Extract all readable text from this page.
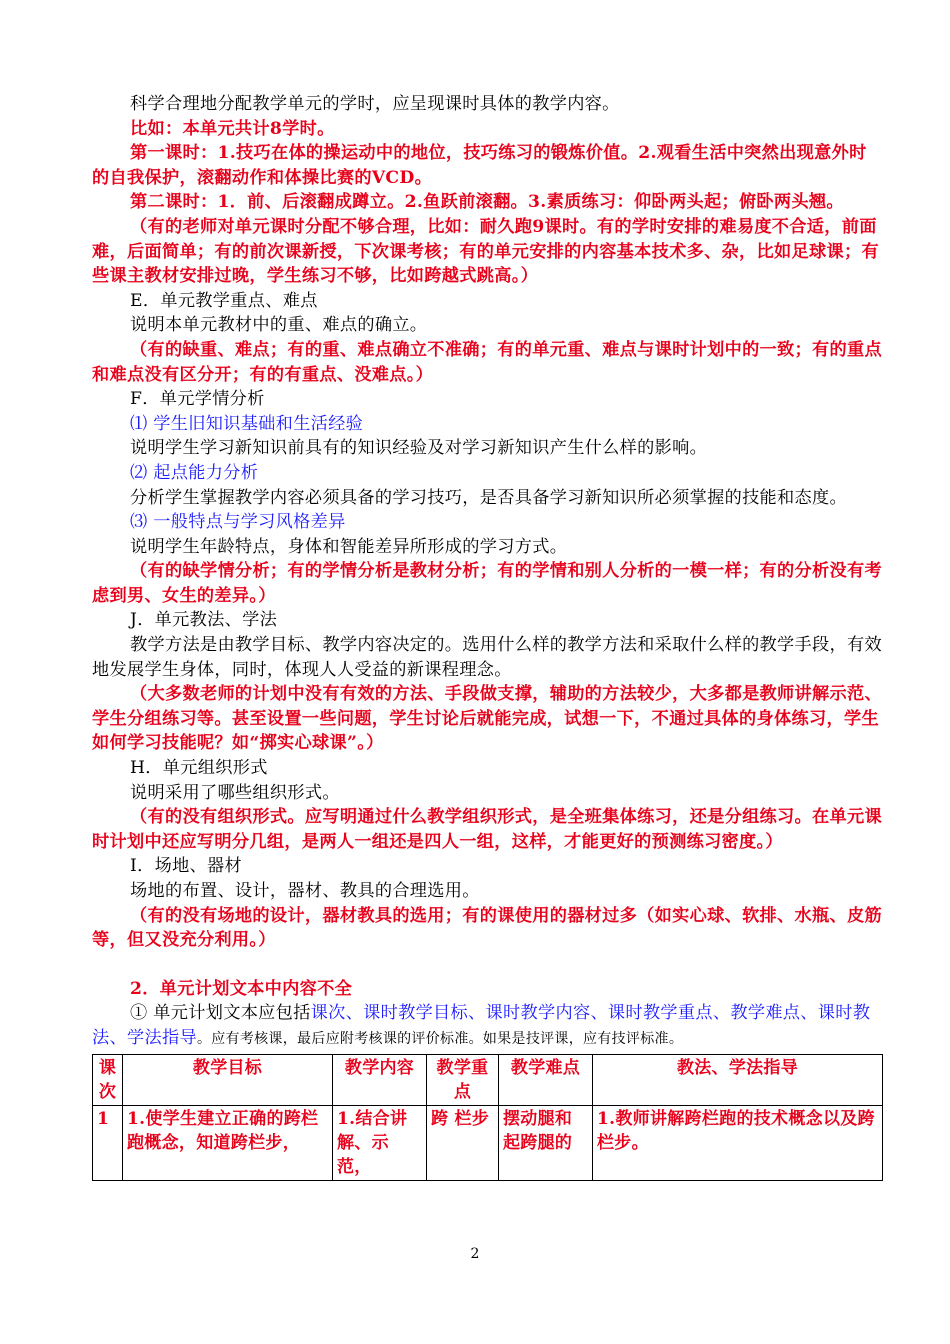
科学合理地分配教学单元的学时，应呈现课时具体的教学内容。

比如：本单元共计8学时。

第一课时：1.技巧在体的操运动中的地位，技巧练习的锻炼价值。2.观看生活中突然出现意外时的自我保护，滚翻动作和体操比赛的VCD。

第二课时：1．前、后滚翻成蹲立。2.鱼跃前滚翻。3.素质练习：仰卧两头起；俯卧两头翘。

（有的老师对单元课时分配不够合理，比如：耐久跑9课时。有的学时安排的难易度不合适，前面难，后面简单；有的前次课新授，下次课考核；有的单元安排的内容基本技术多、杂，比如足球课；有些课主教材安排过晚，学生练习不够，比如跨越式跳高。）

E．单元教学重点、难点

说明本单元教材中的重、难点的确立。

（有的缺重、难点；有的重、难点确立不准确；有的单元重、难点与课时计划中的一致；有的重点和难点没有区分开；有的有重点、没难点。）

F．单元学情分析

⑴ 学生旧知识基础和生活经验

说明学生学习新知识前具有的知识经验及对学习新知识产生什么样的影响。

⑵ 起点能力分析

分析学生掌握教学内容必须具备的学习技巧，是否具备学习新知识所必须掌握的技能和态度。

⑶ 一般特点与学习风格差异

说明学生年龄特点，身体和智能差异所形成的学习方式。

（有的缺学情分析；有的学情分析是教材分析；有的学情和别人分析的一模一样；有的分析没有考虑到男、女生的差异。）

J．单元教法、学法

教学方法是由教学目标、教学内容决定的。选用什么样的教学方法和采取什么样的教学手段，有效地发展学生身体，同时，体现人人受益的新课程理念。

（大多数老师的计划中没有有效的方法、手段做支撑，辅助的方法较少，大多都是教师讲解示范、学生分组练习等。甚至设置一些问题，学生讨论后就能完成，试想一下，不通过具体的身体练习，学生如何学习技能呢？如“掷实心球课”。）

H．单元组织形式

说明采用了哪些组织形式。

（有的没有组织形式。应写明通过什么教学组织形式，是全班集体练习，还是分组练习。在单元课时计划中还应写明分几组，是两人一组还是四人一组，这样，才能更好的预测练习密度。）

I．场地、器材

场地的布置、设计，器材、教具的合理选用。

（有的没有场地的设计，器材教具的选用；有的课使用的器材过多（如实心球、软排、水瓶、皮筋等，但又没充分利用。）

2．单元计划文本中内容不全

① 单元计划文本应包括课次、课时教学目标、课时教学内容、课时教学重点、教学难点、课时教法、学法指导。应有考核课，最后应附考核课的评价标准。如果是技评课，应有技评标准。

课次	教学目标	教学内容	教学重点	教学难点	教法、学法指导
1	1.使学生建立正确的跨栏跑概念，知道跨栏步，	1.结合讲解、示范，	跨 栏步	摆动腿和起跨腿的	1.教师讲解跨栏跑的技术概念以及跨栏步。
2
